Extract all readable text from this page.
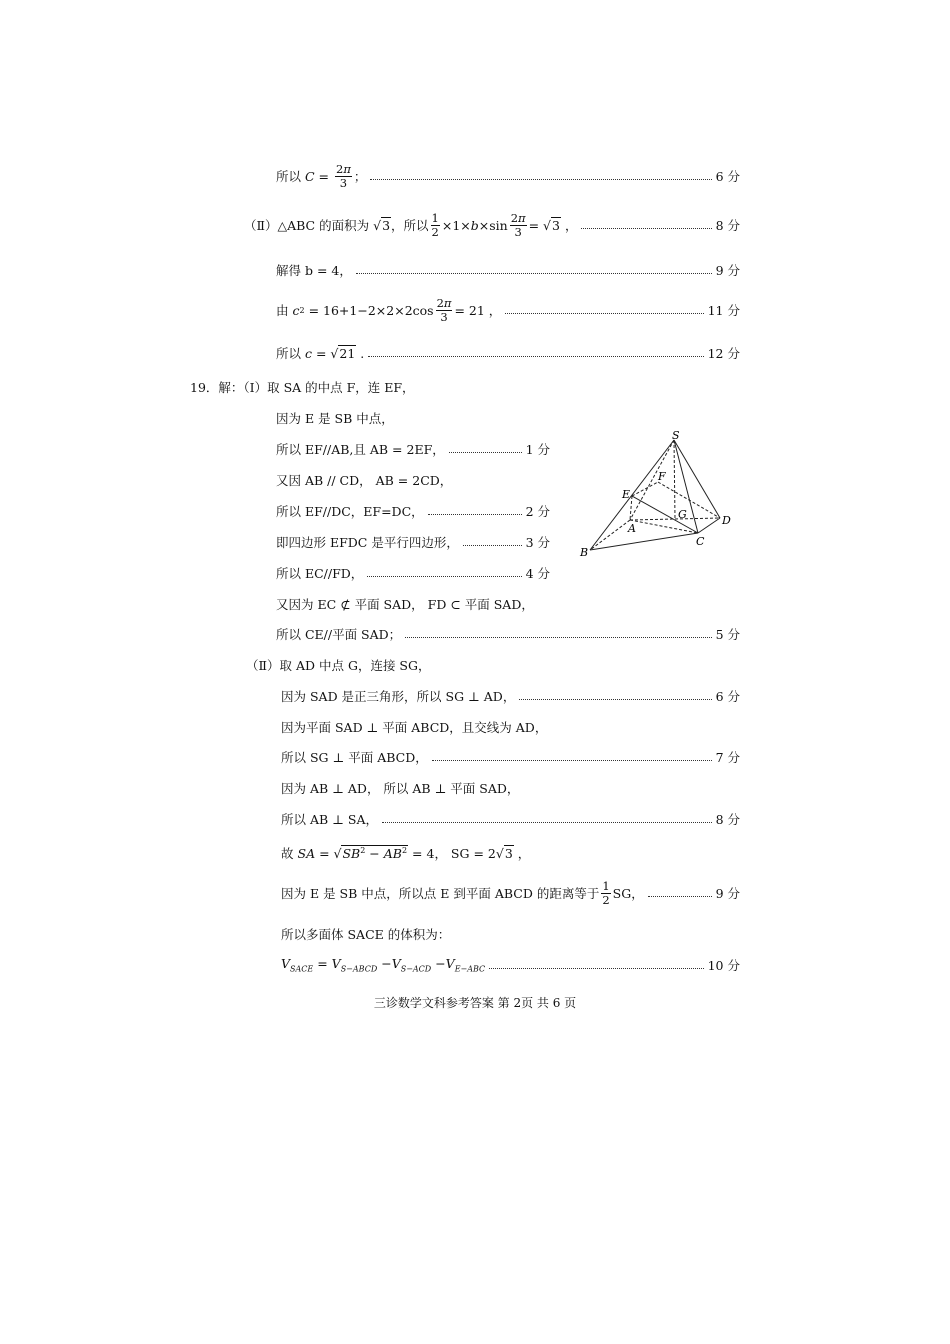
所以
$C = \frac{2\pi}{3}$ ；	6 分
（Ⅱ） △ABC 的面积为
√3 ，所以 $\frac{1}{2} \times 1\times b \times\sin \frac{2\pi}{3}$ = √ 3 ，	8 分
解得 b = 4，	9 分
由
c $2 = 16+1-2\times 2\times 2\cos \frac{2\pi}{3} = 21$ ，	11 分
所以
c = √ 21 .	12 分
19．解：（Ⅰ） 取 SA 的中点 F，连 EF，
因为 E 是 SB 中点，
所以 EF//AB,且 AB = 2EF，	1 分
又因 AB // CD， AB = 2CD，
所以 EF//DC，EF=DC，	2 分
即四边形 EFDC 是平行四边形，	3 分
所以 EC//FD，	4 分
又因为 EC ⊄ 平面 SAD， FD ⊂ 平面 SAD，
所以 CE//平面 SAD；	5 分
S
F
E
G	D
A
C
B
（Ⅱ） 取 AD 中点 G，连接 SG，
因为 SAD 是正三角形，所以 SG ⊥ AD，	6 分
因为平面 SAD ⊥ 平面 ABCD，且交线为 AD，
所以 SG ⊥ 平面 ABCD，	7 分
因为 AB ⊥ AD， 所以 AB ⊥ 平面 SAD，
所以 AB ⊥ SA，	8 分
故
SA = √ $SB^2 - AB^2$
= 4， SG = 2√ 3 ，
因为 E 是 SB 中点，所以点 E 到平面 ABCD 的距离等于 $\frac{1}{2}$ SG，	9 分
所以多面体 SACE 的体积为：
$V_{SACE} = V_{S-ABCD} -V_{S-ACD} -V_{E-ABC}$	10 分
三诊数学文科参考答案 第 2页 共 6 页
